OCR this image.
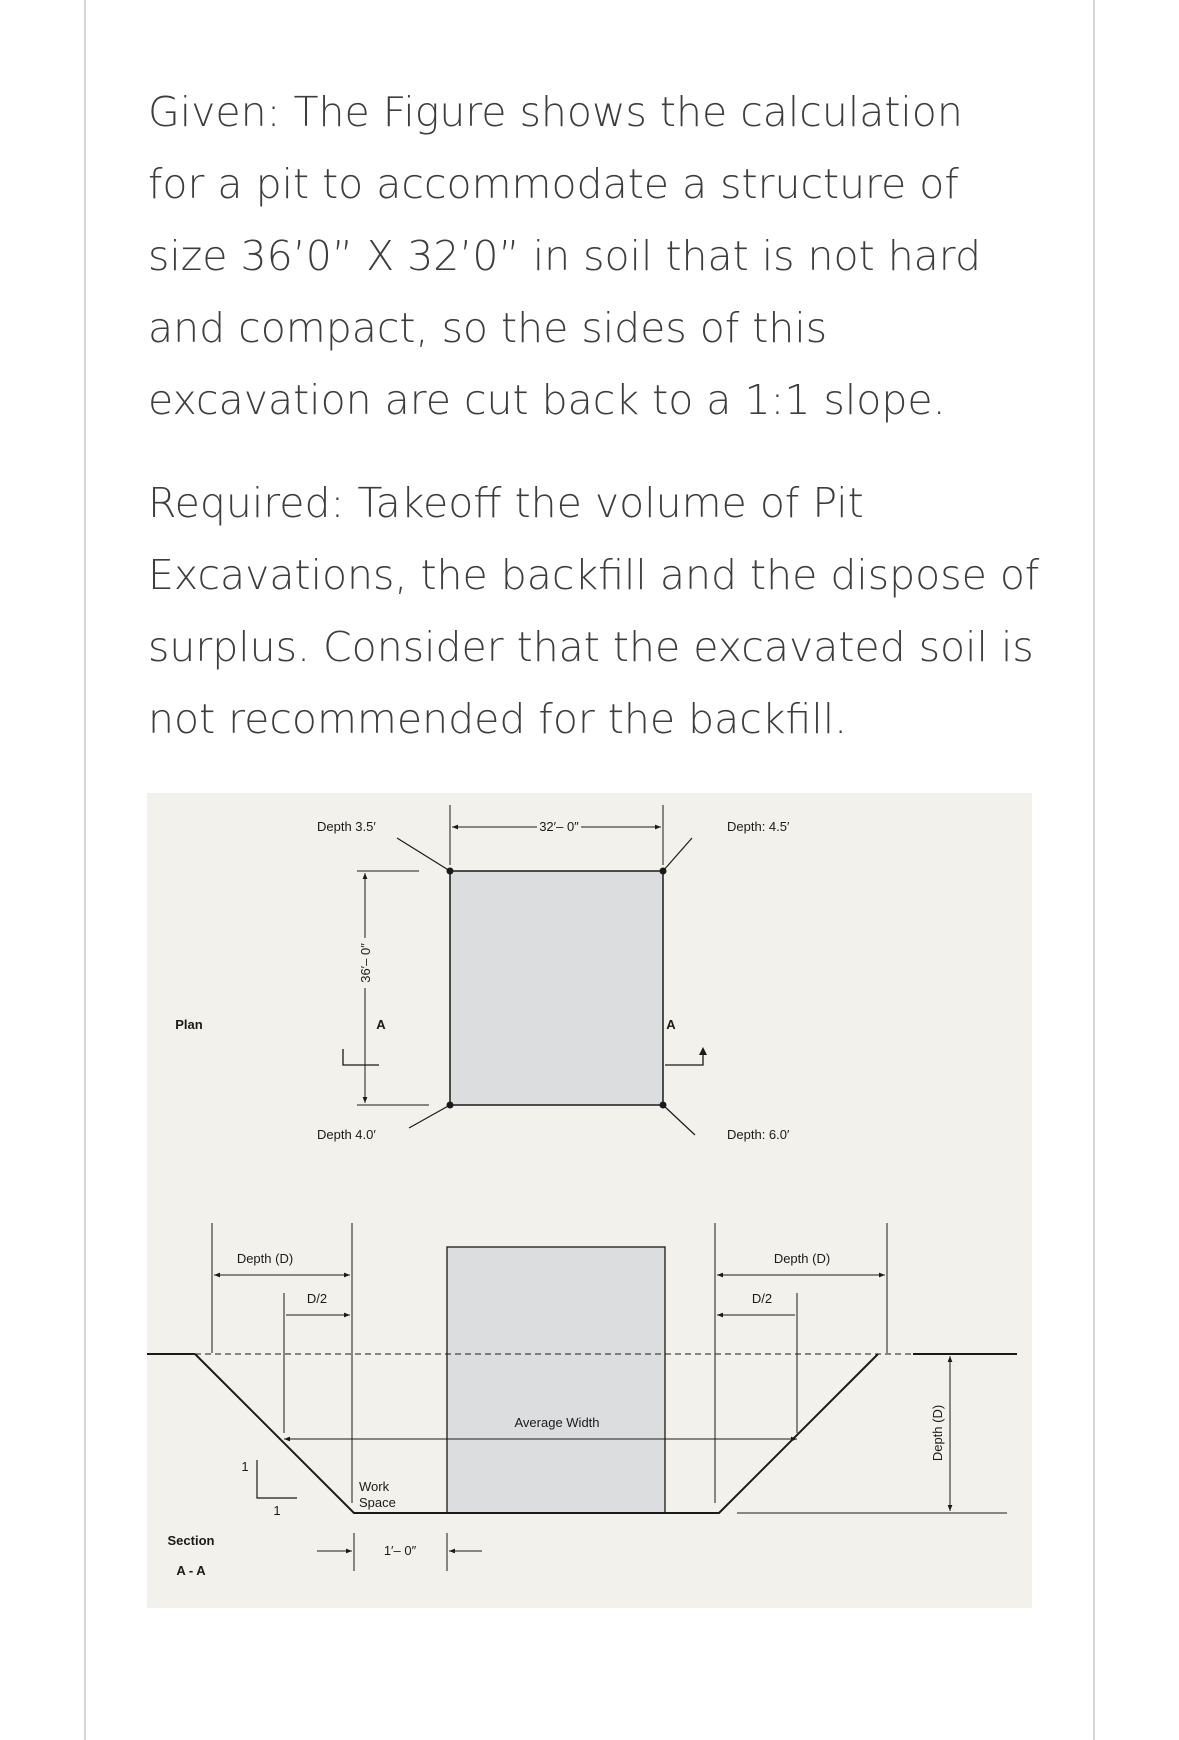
Given: The Figure shows the calculation
for a pit to accommodate a structure of
size 36’0” X 32’0” in soil that is not hard
and compact, so the sides of this
excavation are cut back to a 1:1 slope.

Required: Takeoff the volume of Pit
Excavations, the backfill and the dispose of
surplus. Consider that the excavated soil is
not recommended for the backfill.

32′– 0″
36′– 0″
A	A
Depth 3.5′
Depth 4.0′
Depth: 4.5′
Depth: 6.0′
Plan
Average Width
Depth (D)
D/2
Depth (D)
D/2
1
1
Work
Space
1′– 0″
Depth (D)
Section
A - A
